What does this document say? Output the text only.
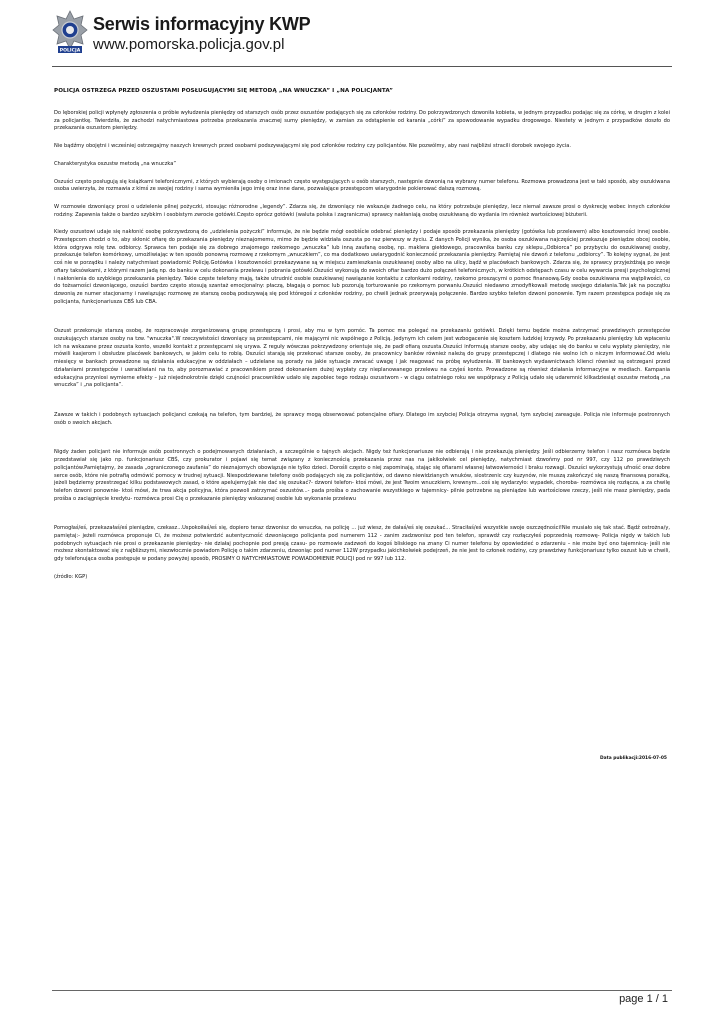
POLICJA
Serwis informacyjny KWP
www.pomorska.policja.gov.pl
POLICJA OSTRZEGA PRZED OSZUSTAMI POSŁUGUJĄCYMI SIĘ METODĄ „NA WNUCZKA” I „NA POLICJANTA”

Do lęborskiej policji wpłynęły zgłoszenia o próbie wyłudzenia pieniędzy od starszych osób przez oszustów podających się za członków rodziny. Do pokrzywdzonych dzwoniła kobieta, w jednym przypadku podając się za córkę, w drugim z kolei za policjantkę. Twierdziła, że zachodzi natychmiastowa potrzeba przekazania znacznej sumy pieniędzy, w zamian za odstąpienie od karania „córki” za spowodowanie wypadku drogowego. Niestety w jednym z przypadków doszło do przekazania oszustom pieniędzy.

Nie bądźmy obojętni i wcześniej ostrzegajmy naszych krewnych przed osobami podszywającymi się pod członków rodziny czy policjantów. Nie pozwólmy, aby nasi najbliżsi stracili dorobek swojego życia.

Charakterystyka oszustw metodą „na wnuczka”

Oszuści często posługują się książkami telefonicznymi, z których wybierają osoby o imionach często występujących u osób starszych, następnie dzwonią na wybrany numer telefonu. Rozmowa prowadzona jest w taki sposób, aby oszukiwana osoba uwierzyła, że rozmawia z kimś ze swojej rodziny i sama wymieniła jego imię oraz inne dane, pozwalające przestępcom wiarygodnie pokierować dalszą rozmową.

W rozmowie dzwoniący prosi o udzielenie pilnej pożyczki, stosując różnorodne „legendy”. Zdarza się, że dzwoniący nie wskazuje żadnego celu, na który potrzebuje pieniędzy, lecz niemal zawsze prosi o dyskrecję wobec innych członków rodziny. Zapewnia także o bardzo szybkim i osobistym zwrocie gotówki.Często oprócz gotówki (waluta polska i zagraniczna) sprawcy nakłaniają osobę oszukiwaną do wydania im również wartościowej biżuterii.

Kiedy oszustowi udaje się nakłonić osobę pokrzywdzoną do „udzielenia pożyczki” informuje, że nie będzie mógł osobiście odebrać pieniędzy i podaje sposób przekazania pieniędzy (gotówka lub przelewem) albo kosztowności innej osobie. Przestępcom chodzi o to, aby skłonić ofiarę do przekazania pieniędzy nieznajomemu, mimo że będzie widziała oszusta po raz pierwszy w życiu. Z danych Policji wynika, że osoba oszukiwana najczęściej przekazuje pieniądze obcej osobie, która odgrywa rolę tzw. odbiorcy. Sprawca ten podaje się za dobrego znajomego rzekomego „wnuczka” lub inną zaufaną osobę, np. maklera giełdowego, pracownika banku czy sklepu.„Odbiorca” po przybyciu do oszukiwanej osoby, przekazuje telefon komórkowy, umożliwiając w ten sposób ponowną rozmowę z rzekomym „wnuczkiem”, co ma dodatkowo uwiarygodnić konieczność przekazania pieniędzy. Pamiętaj nie dzwoń z telefonu „odbiorcy”. To kolejny sygnał, że jest coś nie w porządku i należy natychmiast powiadomić Policję.Gotówka i kosztowności przekazywane są w miejscu zamieszkania oszukiwanej osoby albo na ulicy, bądź w placówkach bankowych. Zdarza się, że sprawcy przyjeżdżają po swoje ofiary taksówkami, z którymi razem jadą np. do banku w celu dokonania przelewu i pobrania gotówki.Oszuści wykonują do swoich ofiar bardzo dużo połączeń telefonicznych, w krótkich odstępach czasu w celu wywarcia presji psychologicznej i nakłonienia do szybkiego przekazania pieniędzy. Takie częste telefony mają, także utrudnić osobie oszukiwanej nawiązanie kontaktu z członkami rodziny, rzekomo proszącymi o pomoc finansową.Gdy osoba oszukiwana ma wątpliwości, co do tożsamości dzwoniącego, oszuści bardzo często stosują szantaż emocjonalny: płaczą, błagają o pomoc lub pozorują torturowanie po rzekomym porwaniu.Oszuści niedawno zmodyfikowali metodę swojego działania.Tak jak na początku dzwonią ze numer stacjonarny i nawiązując rozmowę ze starszą osobą podszywają się pod któregoś z członków rodziny, po chwili jednak przerywają połączenie. Bardzo szybko telefon dzwoni ponownie. Tym razem przestępca podaje się za policjanta, funkcjonariusza CBŚ lub CBA.

Oszust przekonuje starszą osobę, że rozpracowuje zorganizowaną grupę przestępczą i prosi, aby mu w tym pomóc. Ta pomoc ma polegać na przekazaniu gotówki. Dzięki temu będzie można zatrzymać prawdziwych przestępców oszukujących starsze osoby na tzw. "wnuczka".W rzeczywistości dzwoniący są przestępcami, nie mającymi nic wspólnego z Policją. Jedynym ich celem jest wzbogacenie się kosztem ludzkiej krzywdy. Po przekazaniu pieniędzy lub wpłaceniu ich na wskazane przez oszusta konto, wszelki kontakt z przestępcami się urywa. Z reguły wówczas pokrzywdzony orientuje się, że padł ofiarą oszusta.Oszuści informują starsze osoby, aby udając się do banku w celu wypłaty pieniędzy, nie mówili kasjerom i obsłudze placówek bankowych, w jakim celu to robią. Oszuści starają się przekonać starsze osoby, że pracownicy banków również należą do grupy przestępczej i dlatego nie wolno ich o niczym informować.Od wielu miesięcy w bankach prowadzone są działania edukacyjne w oddziałach – udzielane są porady na jakie sytuacje zwracać uwagę i jak reagować na próbę wyłudzenia. W bankowych wydawnictwach klienci również są ostrzegani przed działaniami przestępców i uwrażliwiani na to, aby porozmawiać z pracownikiem przed dokonaniem dużej wypłaty czy nieplanowanego przelewu na czyjeś konto. Prowadzone są również działania informacyjne w mediach. Kampania edukacyjna przyniosi wymierne efekty – już niejednokrotnie dzięki czujności pracowników udało się zapobiec tego rodzaju oszustwom - w ciągu ostatniego roku we współpracy z Policją udało się udaremnić kilkadziesiąt oszustw metodą „na wnuczka” i „na policjanta”.

Zawsze w takich i podobnych sytuacjach policjanci czekają na telefon, tym bardziej, że sprawcy mogą obserwować potencjalne ofiary. Dlatego im szybciej Policja otrzyma sygnał, tym szybciej zareaguje. Policja nie informuje postronnych osób o swoich akcjach.

Nigdy żaden policjant nie informuje osób postronnych o podejmowanych działaniach, a szczególnie o tajnych akcjach. Nigdy też funkcjonariusze nie odbierają i nie przekazują pieniędzy. Jeśli odbierzemy telefon i nasz rozmówca będzie przedstawiał się jako np. funkcjonariusz CBŚ, czy prokurator i pojawi się temat związany z koniecznością przekazania przez nas na jakikolwiek cel pieniędzy, natychmiast dzwońmy pod nr 997, czy 112 po prawdziwych policjantów.Pamiętajmy, że zasada „ograniczonego zaufania” do nieznajomych obowiązuje nie tylko dzieci. Dorośli często o niej zapominają, stając się ofiarami własnej łatwowierności i braku rozwagi. Oszuści wykorzystują ufność oraz dobre serce osób, które nie potrafią odmówić pomocy w trudnej sytuacji. Niespodziewane telefony osób podających się za policjantów, od dawno niewidzianych wnuków, siostrzenic czy kuzynów, nie muszą zakończyć się naszą finansową porażką, jeżeli będziemy przestrzegać kilku podstawowych zasad, o które apelujemy:Jak nie dać się oszukać?- dzwoni telefon- ktoś mówi, że jest Twoim wnuczkiem, krewnym...coś się wydarzyło: wypadek, choroba- rozmówca się rozłącza, a za chwilę telefon dzwoni ponownie- ktoś mówi, że trwa akcja policyjna, która pozwoli zatrzymać oszustów...- pada prośba o zachowanie wszystkiego w tajemnicy- pilnie potrzebne są pieniądze lub wartościowe rzeczy, jeśli nie masz pieniędzy, pada prośba o zaciągnięcie kredytu- rozmówca prosi Cię o przekazanie pieniędzy wskazanej osobie lub wykonanie przelewu

Pomogłaś/eś, przekazałaś/eś pieniądze, czekasz...Uspokoiłaś/eś się, dopiero teraz dzwonisz do wnuczka, na policję ... już wiesz, że dałaś/eś się oszukać... Straciłaś/eś wszystkie swoje oszczędności!Nie musiało się tak stać. Bądź ostrożna/y, pamiętaj:- jeżeli rozmówca proponuje Ci, że możesz potwierdzić autentyczność dzwoniącego policjanta pod numerem 112 - zanim zadzwonisz pod ten telefon, sprawdź czy rozłączyłeś poprzednią rozmowę- Policja nigdy w takich lub podobnych sytuacjach nie prosi o przekazanie pieniędzy- nie działaj pochopnie pod presją czasu- po rozmowie zadzwoń do kogoś bliskiego na znany Ci numer telefonu by opowiedzieć o zdarzeniu – nie może być ono tajemnicą- jeśli nie możesz skontaktować się z najbliższymi, niezwłocznie powiadom Policję o takim zdarzeniu, dzwoniąc pod numer 112W przypadku jakichkolwiek podejrzeń, że nie jest to członek rodziny, czy prawdziwy funkcjonariusz tylko oszust lub w chwili, gdy telefonująca osoba postępuje w podany powyżej sposób, PROSIMY O NATYCHMIASTOWE POWIADOMIENIE POLICJI pod nr 997 lub 112.

(źródło: KGP)

Data publikacji:2016-07-05
page 1 / 1
